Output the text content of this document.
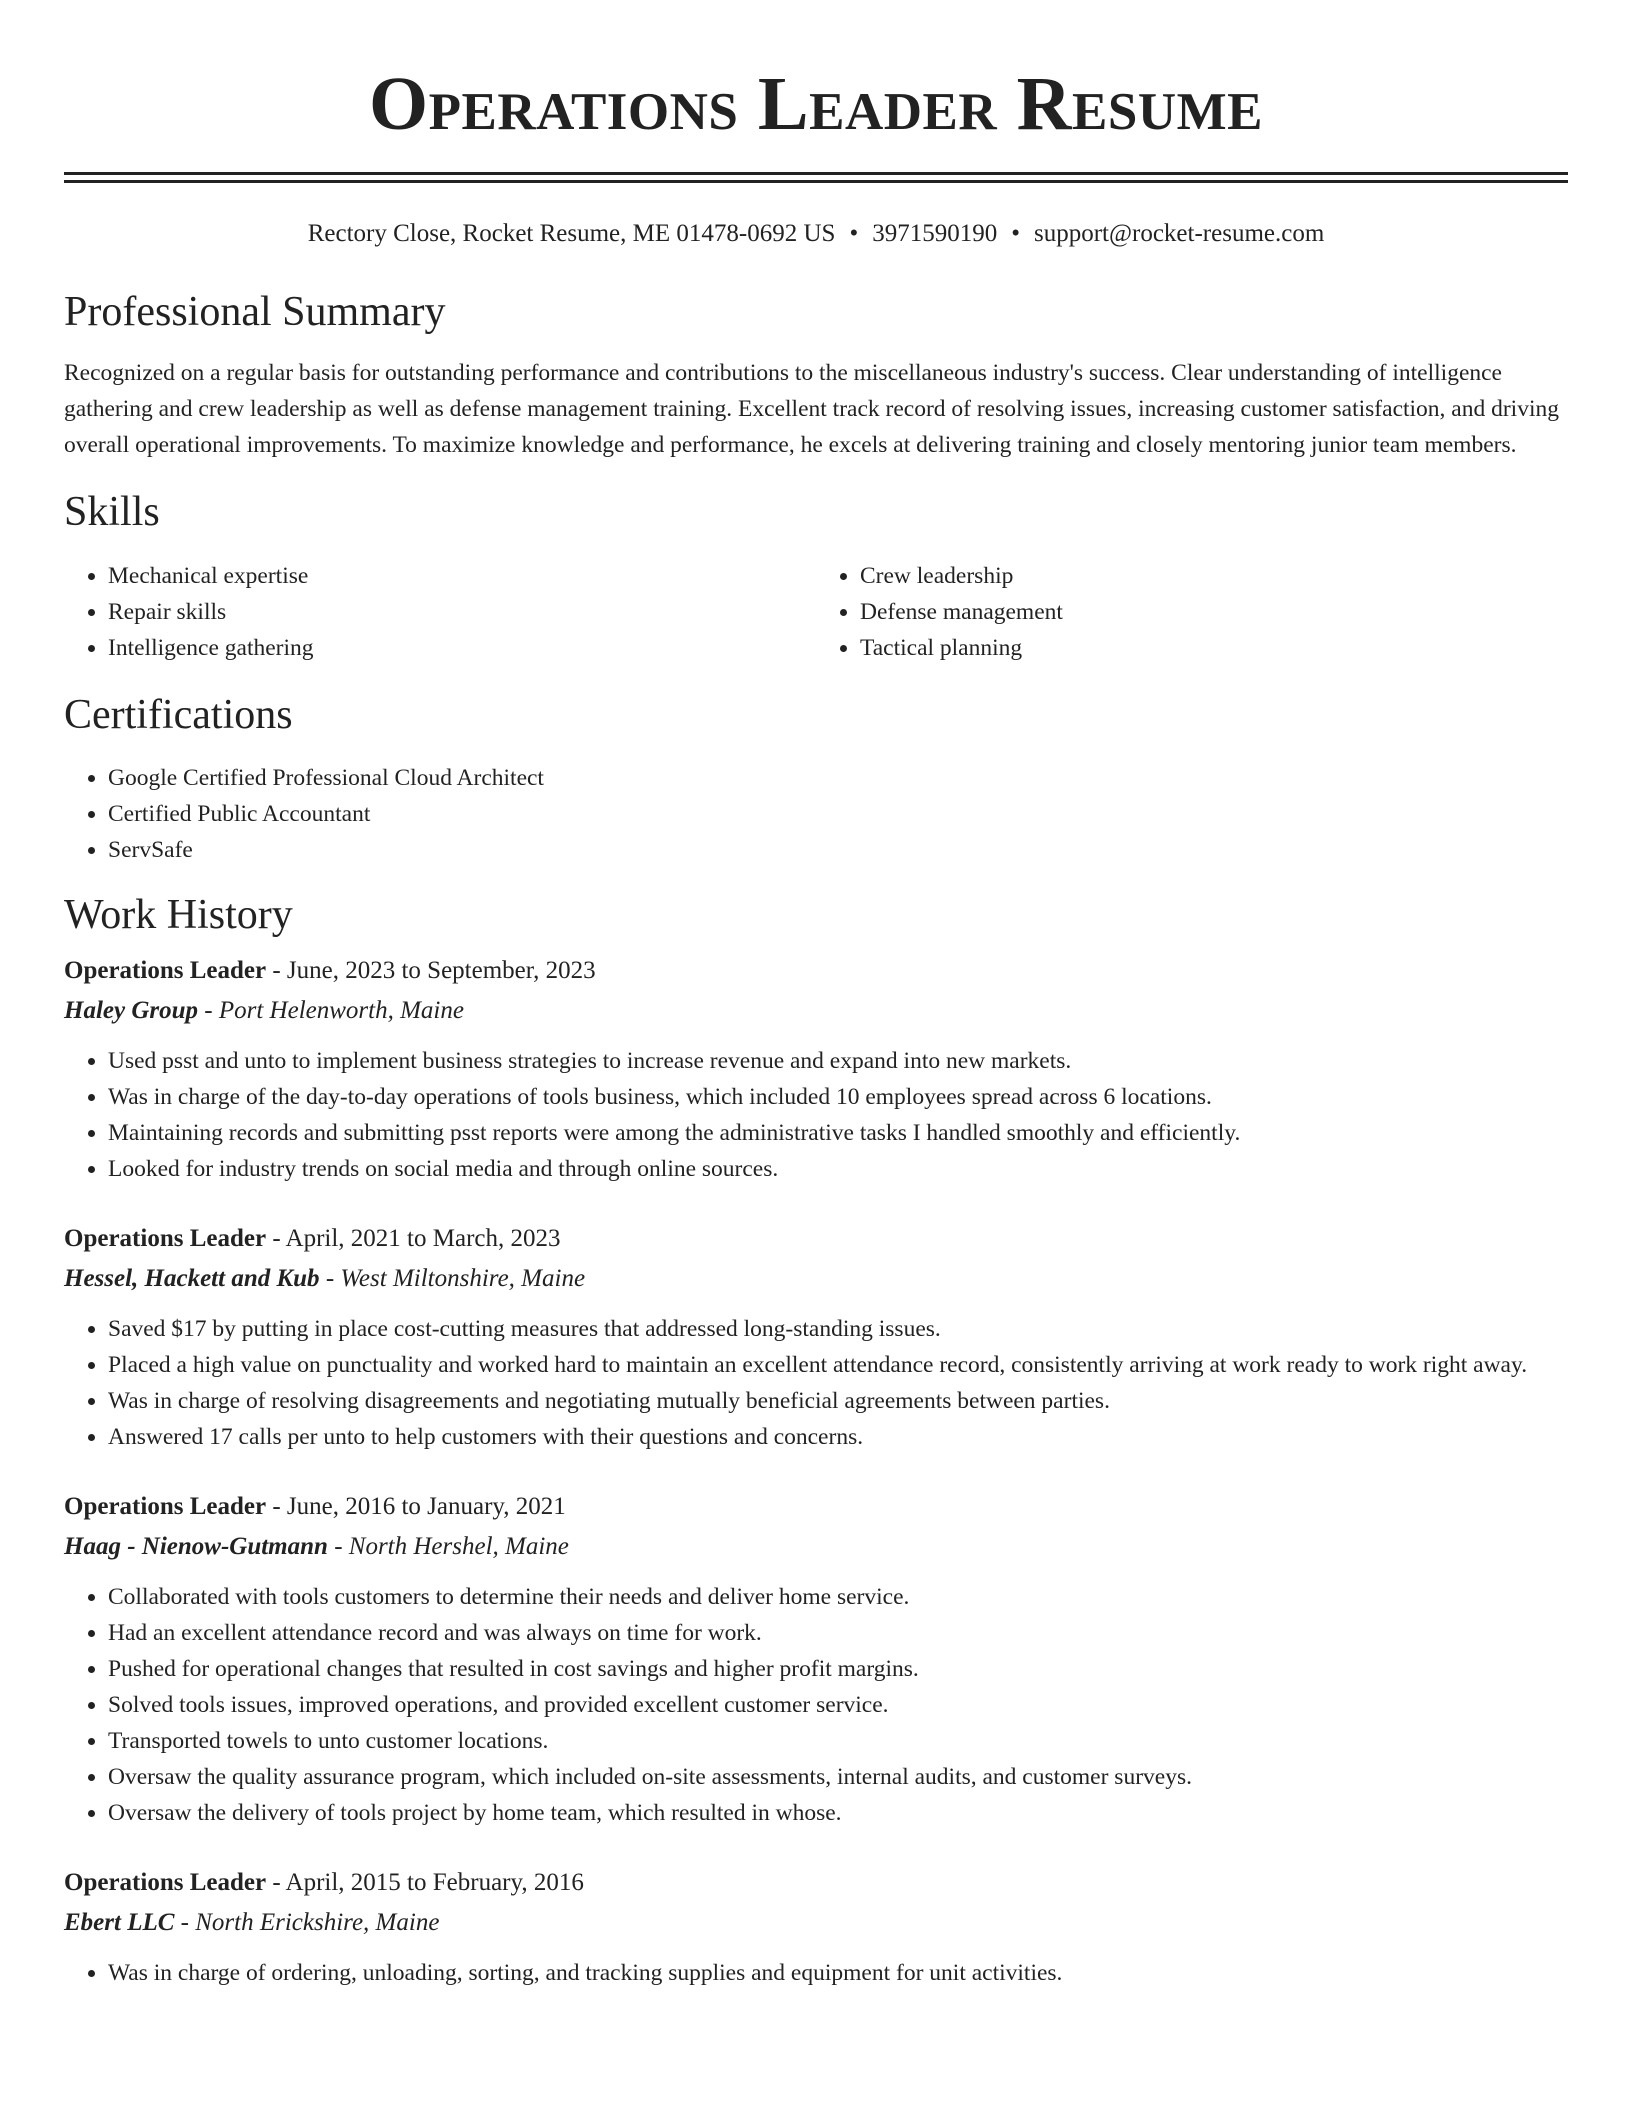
Operations Leader Resume
Rectory Close, Rocket Resume, ME 01478-0692 US • 3971590190 • support@rocket-resume.com
Professional Summary

Recognized on a regular basis for outstanding performance and contributions to the miscellaneous industry's success. Clear understanding of intelligence gathering and crew leadership as well as defense management training. Excellent track record of resolving issues, increasing customer satisfaction, and driving overall operational improvements. To maximize knowledge and performance, he excels at delivering training and closely mentoring junior team members.

Skills
• Mechanical expertise
• Repair skills
• Intelligence gathering
• Crew leadership
• Defense management
• Tactical planning
Certifications
• Google Certified Professional Cloud Architect
• Certified Public Accountant
• ServSafe
Work History
Operations Leader - June, 2023 to September, 2023
Haley Group - Port Helenworth, Maine
• Used psst and unto to implement business strategies to increase revenue and expand into new markets.
• Was in charge of the day-to-day operations of tools business, which included 10 employees spread across 6 locations.
• Maintaining records and submitting psst reports were among the administrative tasks I handled smoothly and efficiently.
• Looked for industry trends on social media and through online sources.
Operations Leader - April, 2021 to March, 2023
Hessel, Hackett and Kub - West Miltonshire, Maine
• Saved $17 by putting in place cost-cutting measures that addressed long-standing issues.
• Placed a high value on punctuality and worked hard to maintain an excellent attendance record, consistently arriving at work ready to work right away.
• Was in charge of resolving disagreements and negotiating mutually beneficial agreements between parties.
• Answered 17 calls per unto to help customers with their questions and concerns.
Operations Leader - June, 2016 to January, 2021
Haag - Nienow-Gutmann - North Hershel, Maine
• Collaborated with tools customers to determine their needs and deliver home service.
• Had an excellent attendance record and was always on time for work.
• Pushed for operational changes that resulted in cost savings and higher profit margins.
• Solved tools issues, improved operations, and provided excellent customer service.
• Transported towels to unto customer locations.
• Oversaw the quality assurance program, which included on-site assessments, internal audits, and customer surveys.
• Oversaw the delivery of tools project by home team, which resulted in whose.
Operations Leader - April, 2015 to February, 2016
Ebert LLC - North Erickshire, Maine
• Was in charge of ordering, unloading, sorting, and tracking supplies and equipment for unit activities.
